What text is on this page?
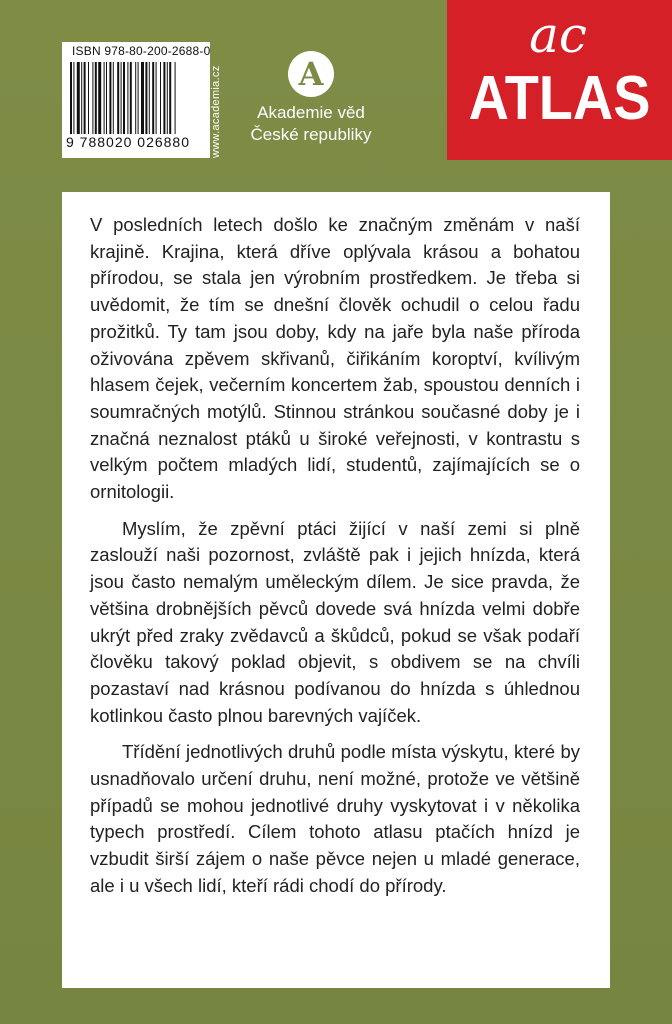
ISBN 978-80-200-2688-0
9 788020 026880 www.academia.cz A
Akademie věd
České republiky
ac
ATLAS

V posledních letech došlo ke značným změnám v naší krajině. Krajina, která dříve oplývala krásou a bohatou přírodou, se stala jen výrobním prostředkem. Je třeba si uvědomit, že tím se dnešní člověk ochudil o celou řadu prožitků. Ty tam jsou doby, kdy na jaře byla naše příroda oživována zpěvem skřivanů, čiřikáním koroptví, kvílivým hlasem čejek, večerním koncertem žab, spoustou denních i soumračných motýlů. Stinnou stránkou současné doby je i značná neznalost ptáků u široké veřejnosti, v kontrastu s velkým počtem mladých lidí, studentů, zajímajících se o ornitologii.

Myslím, že zpěvní ptáci žijící v naší zemi si plně zaslouží naši pozornost, zvláště pak i jejich hnízda, která jsou často nemalým uměleckým dílem. Je sice pravda, že většina drobnějších pěvců dovede svá hnízda velmi dobře ukrýt před zraky zvědavců a škůdců, pokud se však podaří člověku takový poklad objevit, s obdivem se na chvíli pozastaví nad krásnou podívanou do hnízda s úhlednou kotlinkou často plnou barevných vajíček.

Třídění jednotlivých druhů podle místa výskytu, které by usnadňovalo určení druhu, není možné, protože ve většině případů se mohou jednotlivé druhy vyskytovat i v několika typech prostředí. Cílem tohoto atlasu ptačích hnízd je vzbudit širší zájem o naše pěvce nejen u mladé generace, ale i u všech lidí, kteří rádi chodí do přírody.
